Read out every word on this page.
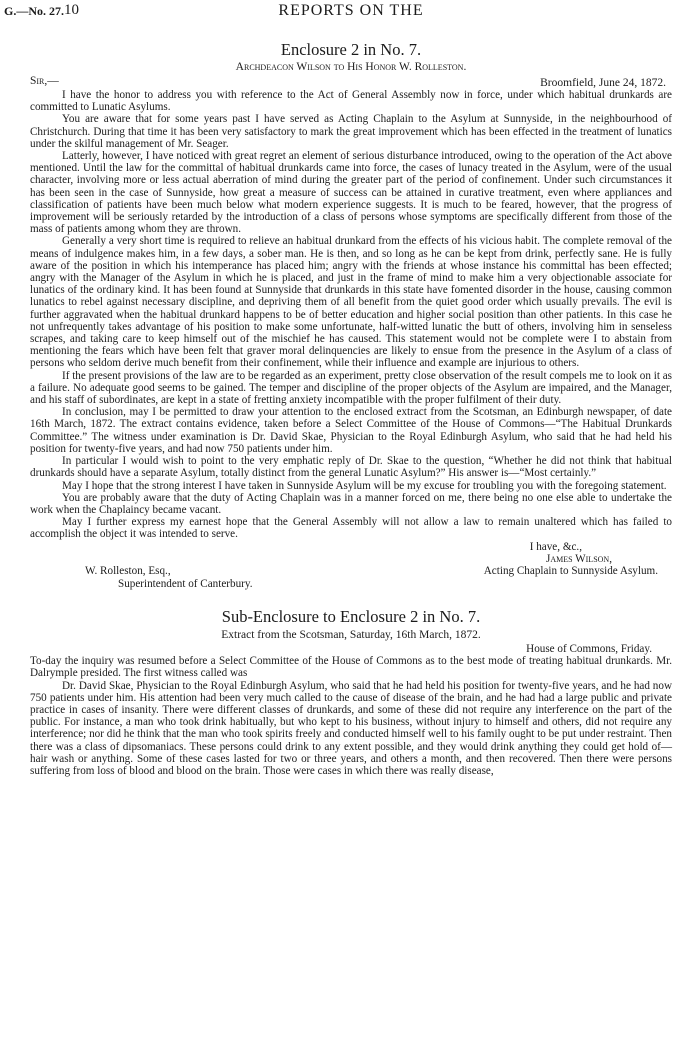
G.—No. 27. 10	REPORTS ON THE
Enclosure 2 in No. 7.
Archdeacon Wilson to His Honor W. Rolleston.
Sir,—	Broomfield, June 24, 1872.

I have the honor to address you with reference to the Act of General Assembly now in force, under which habitual drunkards are committed to Lunatic Asylums.

You are aware that for some years past I have served as Acting Chaplain to the Asylum at Sunnyside, in the neighbourhood of Christchurch. During that time it has been very satisfactory to mark the great improvement which has been effected in the treatment of lunatics under the skilful management of Mr. Seager.

Latterly, however, I have noticed with great regret an element of serious disturbance introduced, owing to the operation of the Act above mentioned. Until the law for the committal of habitual drunkards came into force, the cases of lunacy treated in the Asylum, were of the usual character, involving more or less actual aberration of mind during the greater part of the period of confinement. Under such circumstances it has been seen in the case of Sunnyside, how great a measure of success can be attained in curative treatment, even where appliances and classification of patients have been much below what modern experience suggests. It is much to be feared, however, that the progress of improvement will be seriously retarded by the introduction of a class of persons whose symptoms are specifically different from those of the mass of patients among whom they are thrown.

Generally a very short time is required to relieve an habitual drunkard from the effects of his vicious habit. The complete removal of the means of indulgence makes him, in a few days, a sober man. He is then, and so long as he can be kept from drink, perfectly sane. He is fully aware of the position in which his intemperance has placed him; angry with the friends at whose instance his committal has been effected; angry with the Manager of the Asylum in which he is placed, and just in the frame of mind to make him a very objectionable associate for lunatics of the ordinary kind. It has been found at Sunnyside that drunkards in this state have fomented disorder in the house, causing common lunatics to rebel against necessary discipline, and depriving them of all benefit from the quiet good order which usually prevails. The evil is further aggravated when the habitual drunkard happens to be of better education and higher social position than other patients. In this case he not unfrequently takes advantage of his position to make some unfortunate, half-witted lunatic the butt of others, involving him in senseless scrapes, and taking care to keep himself out of the mischief he has caused. This statement would not be complete were I to abstain from mentioning the fears which have been felt that graver moral delinquencies are likely to ensue from the presence in the Asylum of a class of persons who seldom derive much benefit from their confinement, while their influence and example are injurious to others.

If the present provisions of the law are to be regarded as an experiment, pretty close observation of the result compels me to look on it as a failure. No adequate good seems to be gained. The temper and discipline of the proper objects of the Asylum are impaired, and the Manager, and his staff of subordinates, are kept in a state of fretting anxiety incompatible with the proper fulfilment of their duty.

In conclusion, may I be permitted to draw your attention to the enclosed extract from the Scotsman, an Edinburgh newspaper, of date 16th March, 1872. The extract contains evidence, taken before a Select Committee of the House of Commons—“The Habitual Drunkards Committee.” The witness under examination is Dr. David Skae, Physician to the Royal Edinburgh Asylum, who said that he had held his position for twenty-five years, and had now 750 patients under him.

In particular I would wish to point to the very emphatic reply of Dr. Skae to the question, “Whether he did not think that habitual drunkards should have a separate Asylum, totally distinct from the general Lunatic Asylum?” His answer is—“Most certainly.”

May I hope that the strong interest I have taken in Sunnyside Asylum will be my excuse for troubling you with the foregoing statement.

You are probably aware that the duty of Acting Chaplain was in a manner forced on me, there being no one else able to undertake the work when the Chaplaincy became vacant.

May I further express my earnest hope that the General Assembly will not allow a law to remain unaltered which has failed to accomplish the object it was intended to serve.

I have, &c.,
James Wilson,
W. Rolleston, Esq.,
Superintendent of Canterbury.
Acting Chaplain to Sunnyside Asylum.
Sub-Enclosure to Enclosure 2 in No. 7.
Extract from the Scotsman, Saturday, 16th March, 1872.
House of Commons, Friday.

To-day the inquiry was resumed before a Select Committee of the House of Commons as to the best mode of treating habitual drunkards. Mr. Dalrymple presided. The first witness called was

Dr. David Skae, Physician to the Royal Edinburgh Asylum, who said that he had held his position for twenty-five years, and he had now 750 patients under him. His attention had been very much called to the cause of disease of the brain, and he had had a large public and private practice in cases of insanity. There were different classes of drunkards, and some of these did not require any interference on the part of the public. For instance, a man who took drink habitually, but who kept to his business, without injury to himself and others, did not require any interference; nor did he think that the man who took spirits freely and conducted himself well to his family ought to be put under restraint. Then there was a class of dipsomaniacs. These persons could drink to any extent possible, and they would drink anything they could get hold of—hair wash or anything. Some of these cases lasted for two or three years, and others a month, and then recovered. Then there were persons suffering from loss of blood and blood on the brain. Those were cases in which there was really disease,
